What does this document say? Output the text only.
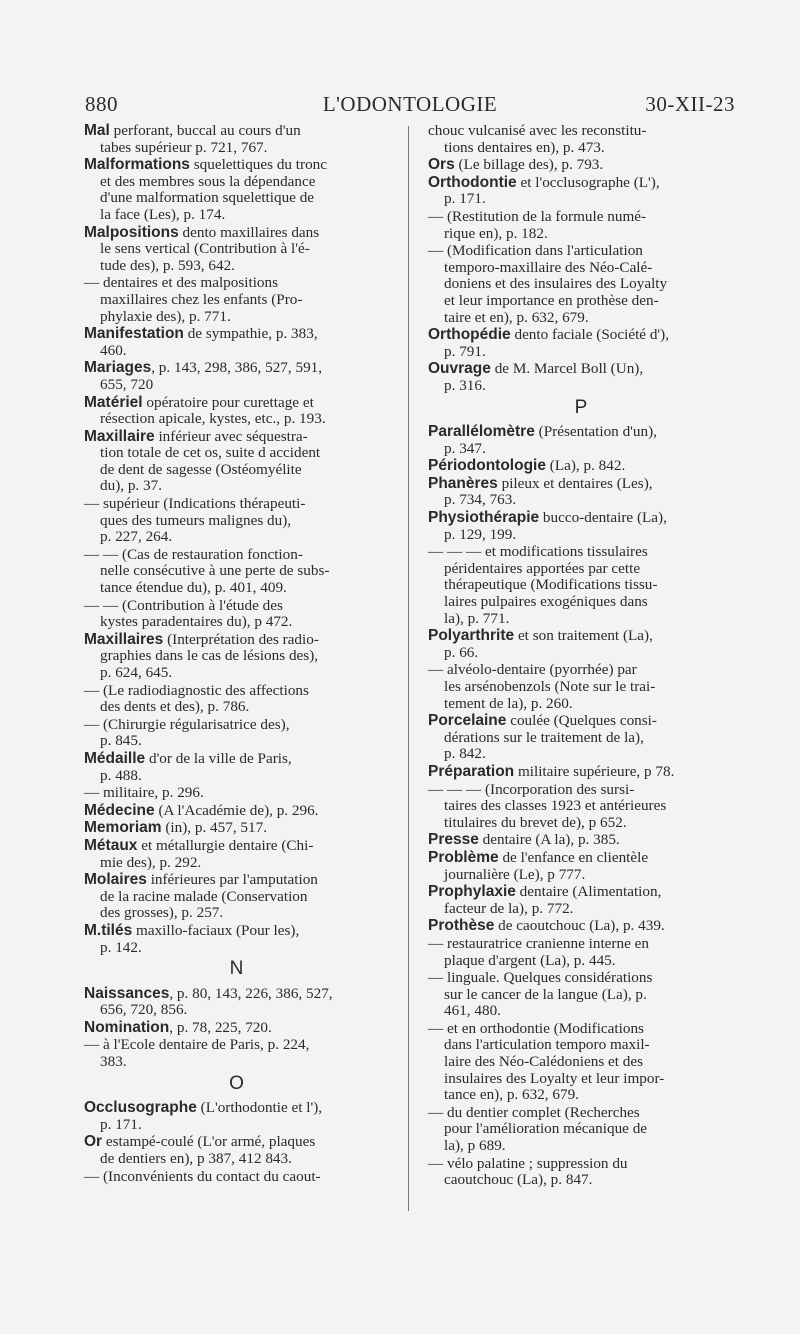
880	L'ODONTOLOGIE	30-XII-23
Mal perforant, buccal au cours d'un
tabes supérieur p. 721, 767.
Malformations squelettiques du tronc
et des membres sous la dépendance
d'une malformation squelettique de
la face (Les), p. 174.
Malpositions dento maxillaires dans
le sens vertical (Contribution à l'é-
tude des), p. 593, 642.
— dentaires et des malpositions
maxillaires chez les enfants (Pro-
phylaxie des), p. 771.
Manifestation de sympathie, p. 383,
460.
Mariages, p. 143, 298, 386, 527, 591,
655, 720
Matériel opératoire pour curettage et
résection apicale, kystes, etc., p. 193.
Maxillaire inférieur avec séquestra-
tion totale de cet os, suite d accident
de dent de sagesse (Ostéomyélite
du), p. 37.
— supérieur (Indications thérapeuti-
ques des tumeurs malignes du),
p. 227, 264.
— — (Cas de restauration fonction-
nelle consécutive à une perte de subs-
tance étendue du), p. 401, 409.
— — (Contribution à l'étude des
kystes paradentaires du), p 472.
Maxillaires (Interprétation des radio-
graphies dans le cas de lésions des),
p. 624, 645.
— (Le radiodiagnostic des affections
des dents et des), p. 786.
— (Chirurgie régularisatrice des),
p. 845.
Médaille d'or de la ville de Paris,
p. 488.
— militaire, p. 296.
Médecine (A l'Académie de), p. 296.
Memoriam (in), p. 457, 517.
Métaux et métallurgie dentaire (Chi-
mie des), p. 292.
Molaires inférieures par l'amputation
de la racine malade (Conservation
des grosses), p. 257.
M.tilés maxillo-faciaux (Pour les),
p. 142.
N
Naissances, p. 80, 143, 226, 386, 527,
656, 720, 856.
Nomination, p. 78, 225, 720.
— à l'Ecole dentaire de Paris, p. 224,
383.
O
Occlusographe (L'orthodontie et l'),
p. 171.
Or estampé-coulé (L'or armé, plaques
de dentiers en), p 387, 412 843.
— (Inconvénients du contact du caout-
chouc vulcanisé avec les reconstitu-
tions dentaires en), p. 473.
Ors (Le billage des), p. 793.
Orthodontie et l'occlusographe (L'),
p. 171.
— (Restitution de la formule numé-
rique en), p. 182.
— (Modification dans l'articulation
temporo-maxillaire des Néo-Calé-
doniens et des insulaires des Loyalty
et leur importance en prothèse den-
taire et en), p. 632, 679.
Orthopédie dento faciale (Société d'),
p. 791.
Ouvrage de M. Marcel Boll (Un),
p. 316.
P
Parallélomètre (Présentation d'un),
p. 347.
Périodontologie (La), p. 842.
Phanères pileux et dentaires (Les),
p. 734, 763.
Physiothérapie bucco-dentaire (La),
p. 129, 199.
— — — et modifications tissulaires
péridentaires apportées par cette
thérapeutique (Modifications tissu-
laires pulpaires exogéniques dans
la), p. 771.
Polyarthrite et son traitement (La),
p. 66.
— alvéolo-dentaire (pyorrhée) par
les arsénobenzols (Note sur le trai-
tement de la), p. 260.
Porcelaine coulée (Quelques consi-
dérations sur le traitement de la),
p. 842.
Préparation militaire supérieure, p 78.
— — — (Incorporation des sursi-
taires des classes 1923 et antérieures
titulaires du brevet de), p 652.
Presse dentaire (A la), p. 385.
Problème de l'enfance en clientèle
journalière (Le), p 777.
Prophylaxie dentaire (Alimentation,
facteur de la), p. 772.
Prothèse de caoutchouc (La), p. 439.
— restauratrice cranienne interne en
plaque d'argent (La), p. 445.
— linguale. Quelques considérations
sur le cancer de la langue (La), p.
461, 480.
— et en orthodontie (Modifications
dans l'articulation temporo maxil-
laire des Néo-Calédoniens et des
insulaires des Loyalty et leur impor-
tance en), p. 632, 679.
— du dentier complet (Recherches
pour l'amélioration mécanique de
la), p 689.
— vélo palatine ; suppression du
caoutchouc (La), p. 847.
